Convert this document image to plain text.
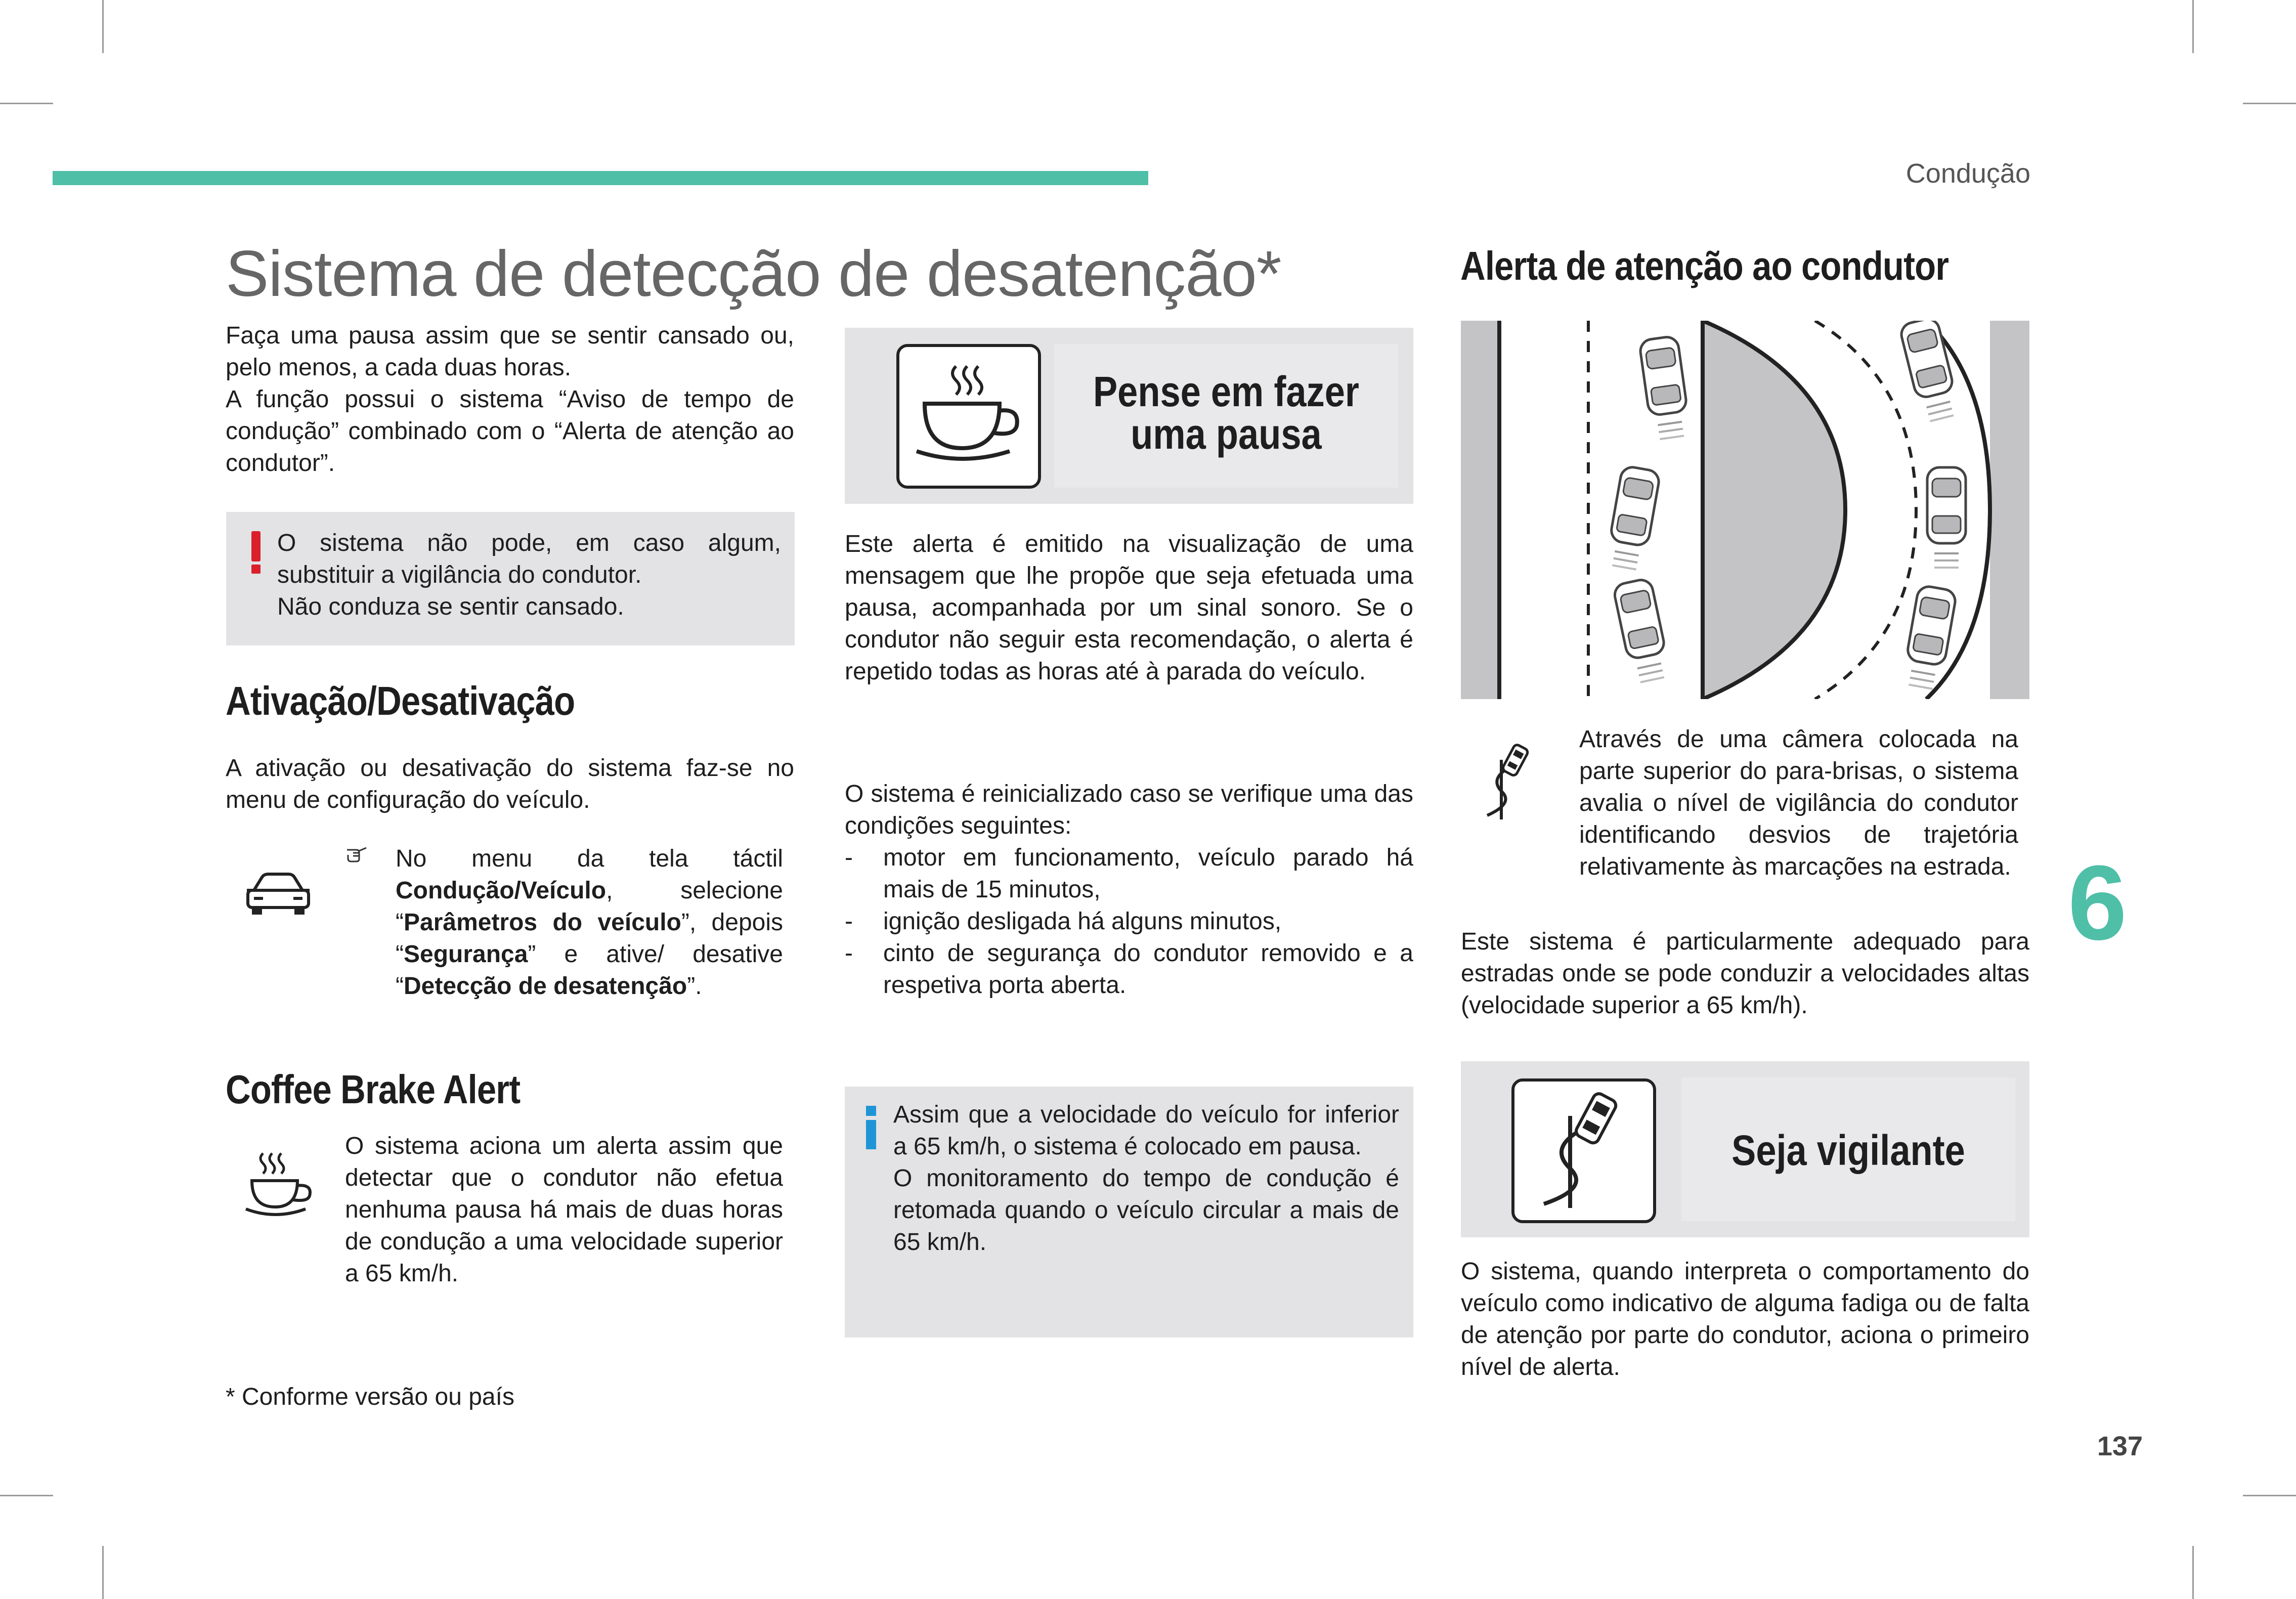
Condução
Sistema de detecção de desatenção*
Faça uma pausa assim que se sentir cansado ou, pelo menos, a cada duas horas.
A função possui o sistema “Aviso de tempo de condução” combinado com o “Alerta de atenção ao condutor”.
O sistema não pode, em caso algum, substituir a vigilância do condutor.
Não conduza se sentir cansado.
Ativação/Desativação
A ativação ou desativação do sistema faz-se no menu de configuração do veículo.
No menu da tela táctil Condução/Veículo, selecione “Parâmetros do veículo”, depois “Segurança” e ative/ desative “Detecção de desatenção”.
Coffee Brake Alert
O sistema aciona um alerta assim que detectar que o condutor não efetua nenhuma pausa há mais de duas horas de condução a uma velocidade superior a 65 km/h.
* Conforme versão ou país
Pense em fazer
uma pausa
Este alerta é emitido na visualização de uma mensagem que lhe propõe que seja efetuada uma pausa, acompanhada por um sinal sonoro. Se o condutor não seguir esta recomendação, o alerta é repetido todas as horas até à parada do veículo.
O sistema é reinicializado caso se verifique uma das condições seguintes:
- motor em funcionamento, veículo parado há mais de 15 minutos,
- ignição desligada há alguns minutos,
- cinto de segurança do condutor removido e a respetiva porta aberta.
Assim que a velocidade do veículo for inferior a 65 km/h, o sistema é colocado em pausa.
O monitoramento do tempo de condução é retomada quando o veículo circular a mais de 65 km/h.
Alerta de atenção ao condutor
Através de uma câmera colocada na parte superior do para-brisas, o sistema avalia o nível de vigilância do condutor identificando desvios de trajetória relativamente às marcações na estrada.
Este sistema é particularmente adequado para estradas onde se pode conduzir a velocidades altas (velocidade superior a 65 km/h).
Seja vigilante
O sistema, quando interpreta o comportamento do veículo como indicativo de alguma fadiga ou de falta de atenção por parte do condutor, aciona o primeiro nível de alerta.
6
137
